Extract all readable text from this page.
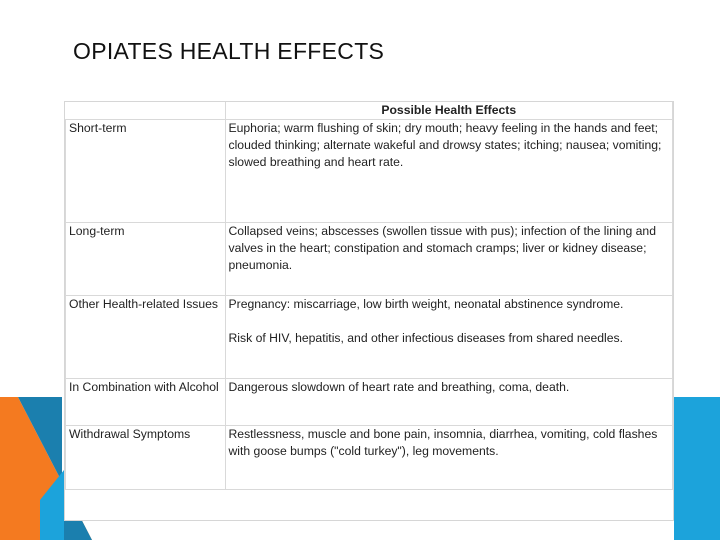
OPIATES HEALTH EFFECTS
	Possible Health Effects
Short-term	Euphoria; warm flushing of skin; dry mouth; heavy feeling in the hands and feet; clouded thinking; alternate wakeful and drowsy states; itching; nausea; vomiting; slowed breathing and heart rate.
Long-term	Collapsed veins; abscesses (swollen tissue with pus); infection of the lining and valves in the heart; constipation and stomach cramps; liver or kidney disease; pneumonia.
Other Health-related Issues	Pregnancy: miscarriage, low birth weight, neonatal abstinence syndrome.
Risk of HIV, hepatitis, and other infectious diseases from shared needles.

In Combination with Alcohol	Dangerous slowdown of heart rate and breathing, coma, death.
Withdrawal Symptoms	Restlessness, muscle and bone pain, insomnia, diarrhea, vomiting, cold flashes with goose bumps ("cold turkey"), leg movements.
